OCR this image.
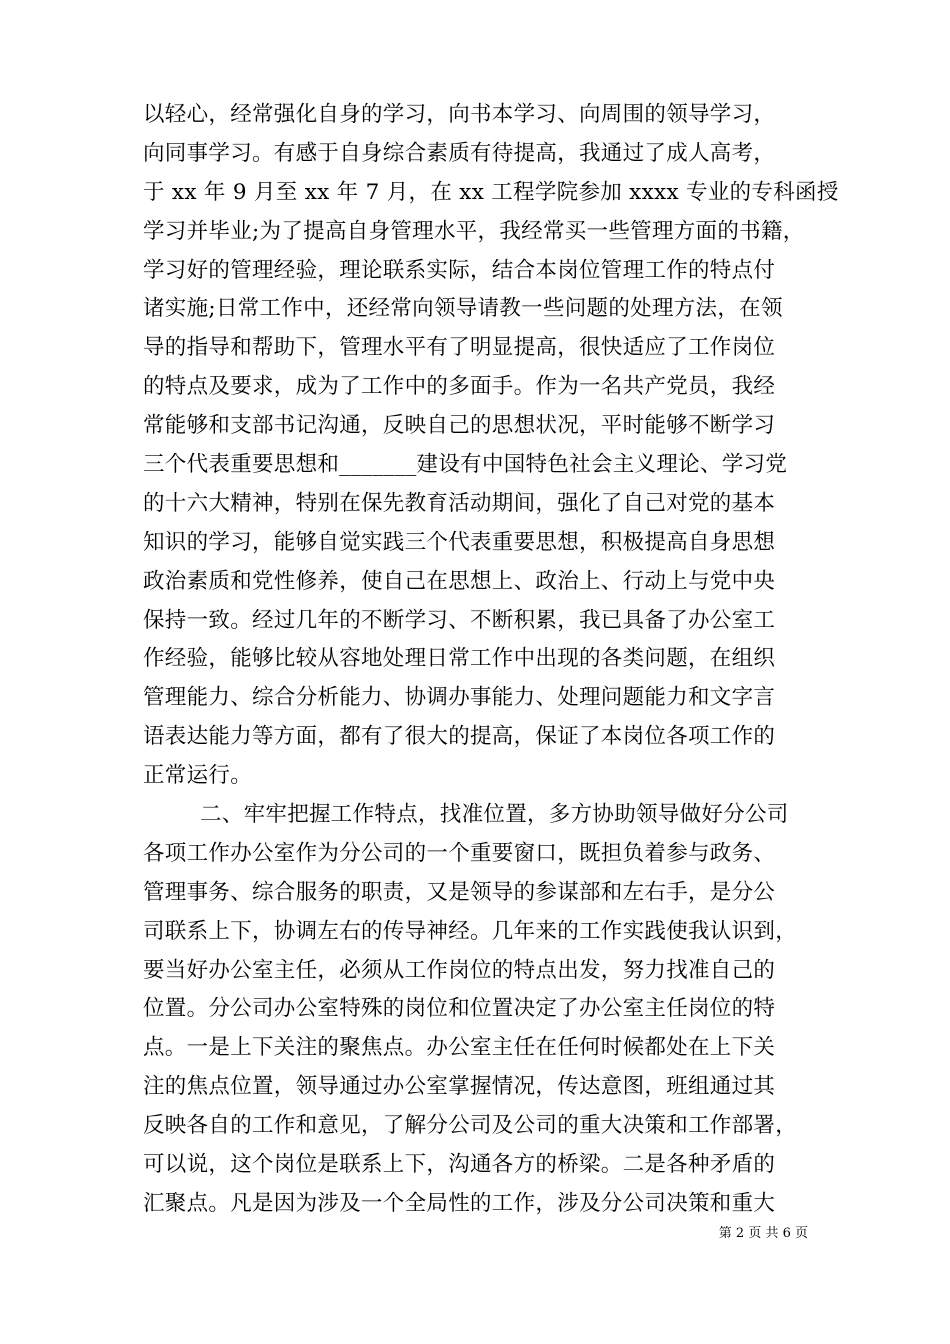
以轻心，经常强化自身的学习，向书本学习、向周围的领导学习，
向同事学习。有感于自身综合素质有待提高，我通过了成人高考，
于 xx 年 9 月至 xx 年 7 月，在 xx 工程学院参加 xxxx 专业的专科函授
学习并毕业;为了提高自身管理水平，我经常买一些管理方面的书籍，
学习好的管理经验，理论联系实际，结合本岗位管理工作的特点付
诸实施;日常工作中，还经常向领导请教一些问题的处理方法，在领
导的指导和帮助下，管理水平有了明显提高，很快适应了工作岗位
的特点及要求，成为了工作中的多面手。作为一名共产党员，我经
常能够和支部书记沟通，反映自己的思想状况，平时能够不断学习
三个代表重要思想和_______建设有中国特色社会主义理论、学习党
的十六大精神，特别在保先教育活动期间，强化了自己对党的基本
知识的学习，能够自觉实践三个代表重要思想，积极提高自身思想
政治素质和党性修养，使自己在思想上、政治上、行动上与党中央
保持一致。经过几年的不断学习、不断积累，我已具备了办公室工
作经验，能够比较从容地处理日常工作中出现的各类问题，在组织
管理能力、综合分析能力、协调办事能力、处理问题能力和文字言
语表达能力等方面，都有了很大的提高，保证了本岗位各项工作的
正常运行。
二、牢牢把握工作特点，找准位置，多方协助领导做好分公司
各项工作办公室作为分公司的一个重要窗口，既担负着参与政务、
管理事务、综合服务的职责，又是领导的参谋部和左右手，是分公
司联系上下，协调左右的传导神经。几年来的工作实践使我认识到，
要当好办公室主任，必须从工作岗位的特点出发，努力找准自己的
位置。分公司办公室特殊的岗位和位置决定了办公室主任岗位的特
点。一是上下关注的聚焦点。办公室主任在任何时候都处在上下关
注的焦点位置，领导通过办公室掌握情况，传达意图，班组通过其
反映各自的工作和意见，了解分公司及公司的重大决策和工作部署，
可以说，这个岗位是联系上下，沟通各方的桥梁。二是各种矛盾的
汇聚点。凡是因为涉及一个全局性的工作，涉及分公司决策和重大
第 2 页 共 6 页
